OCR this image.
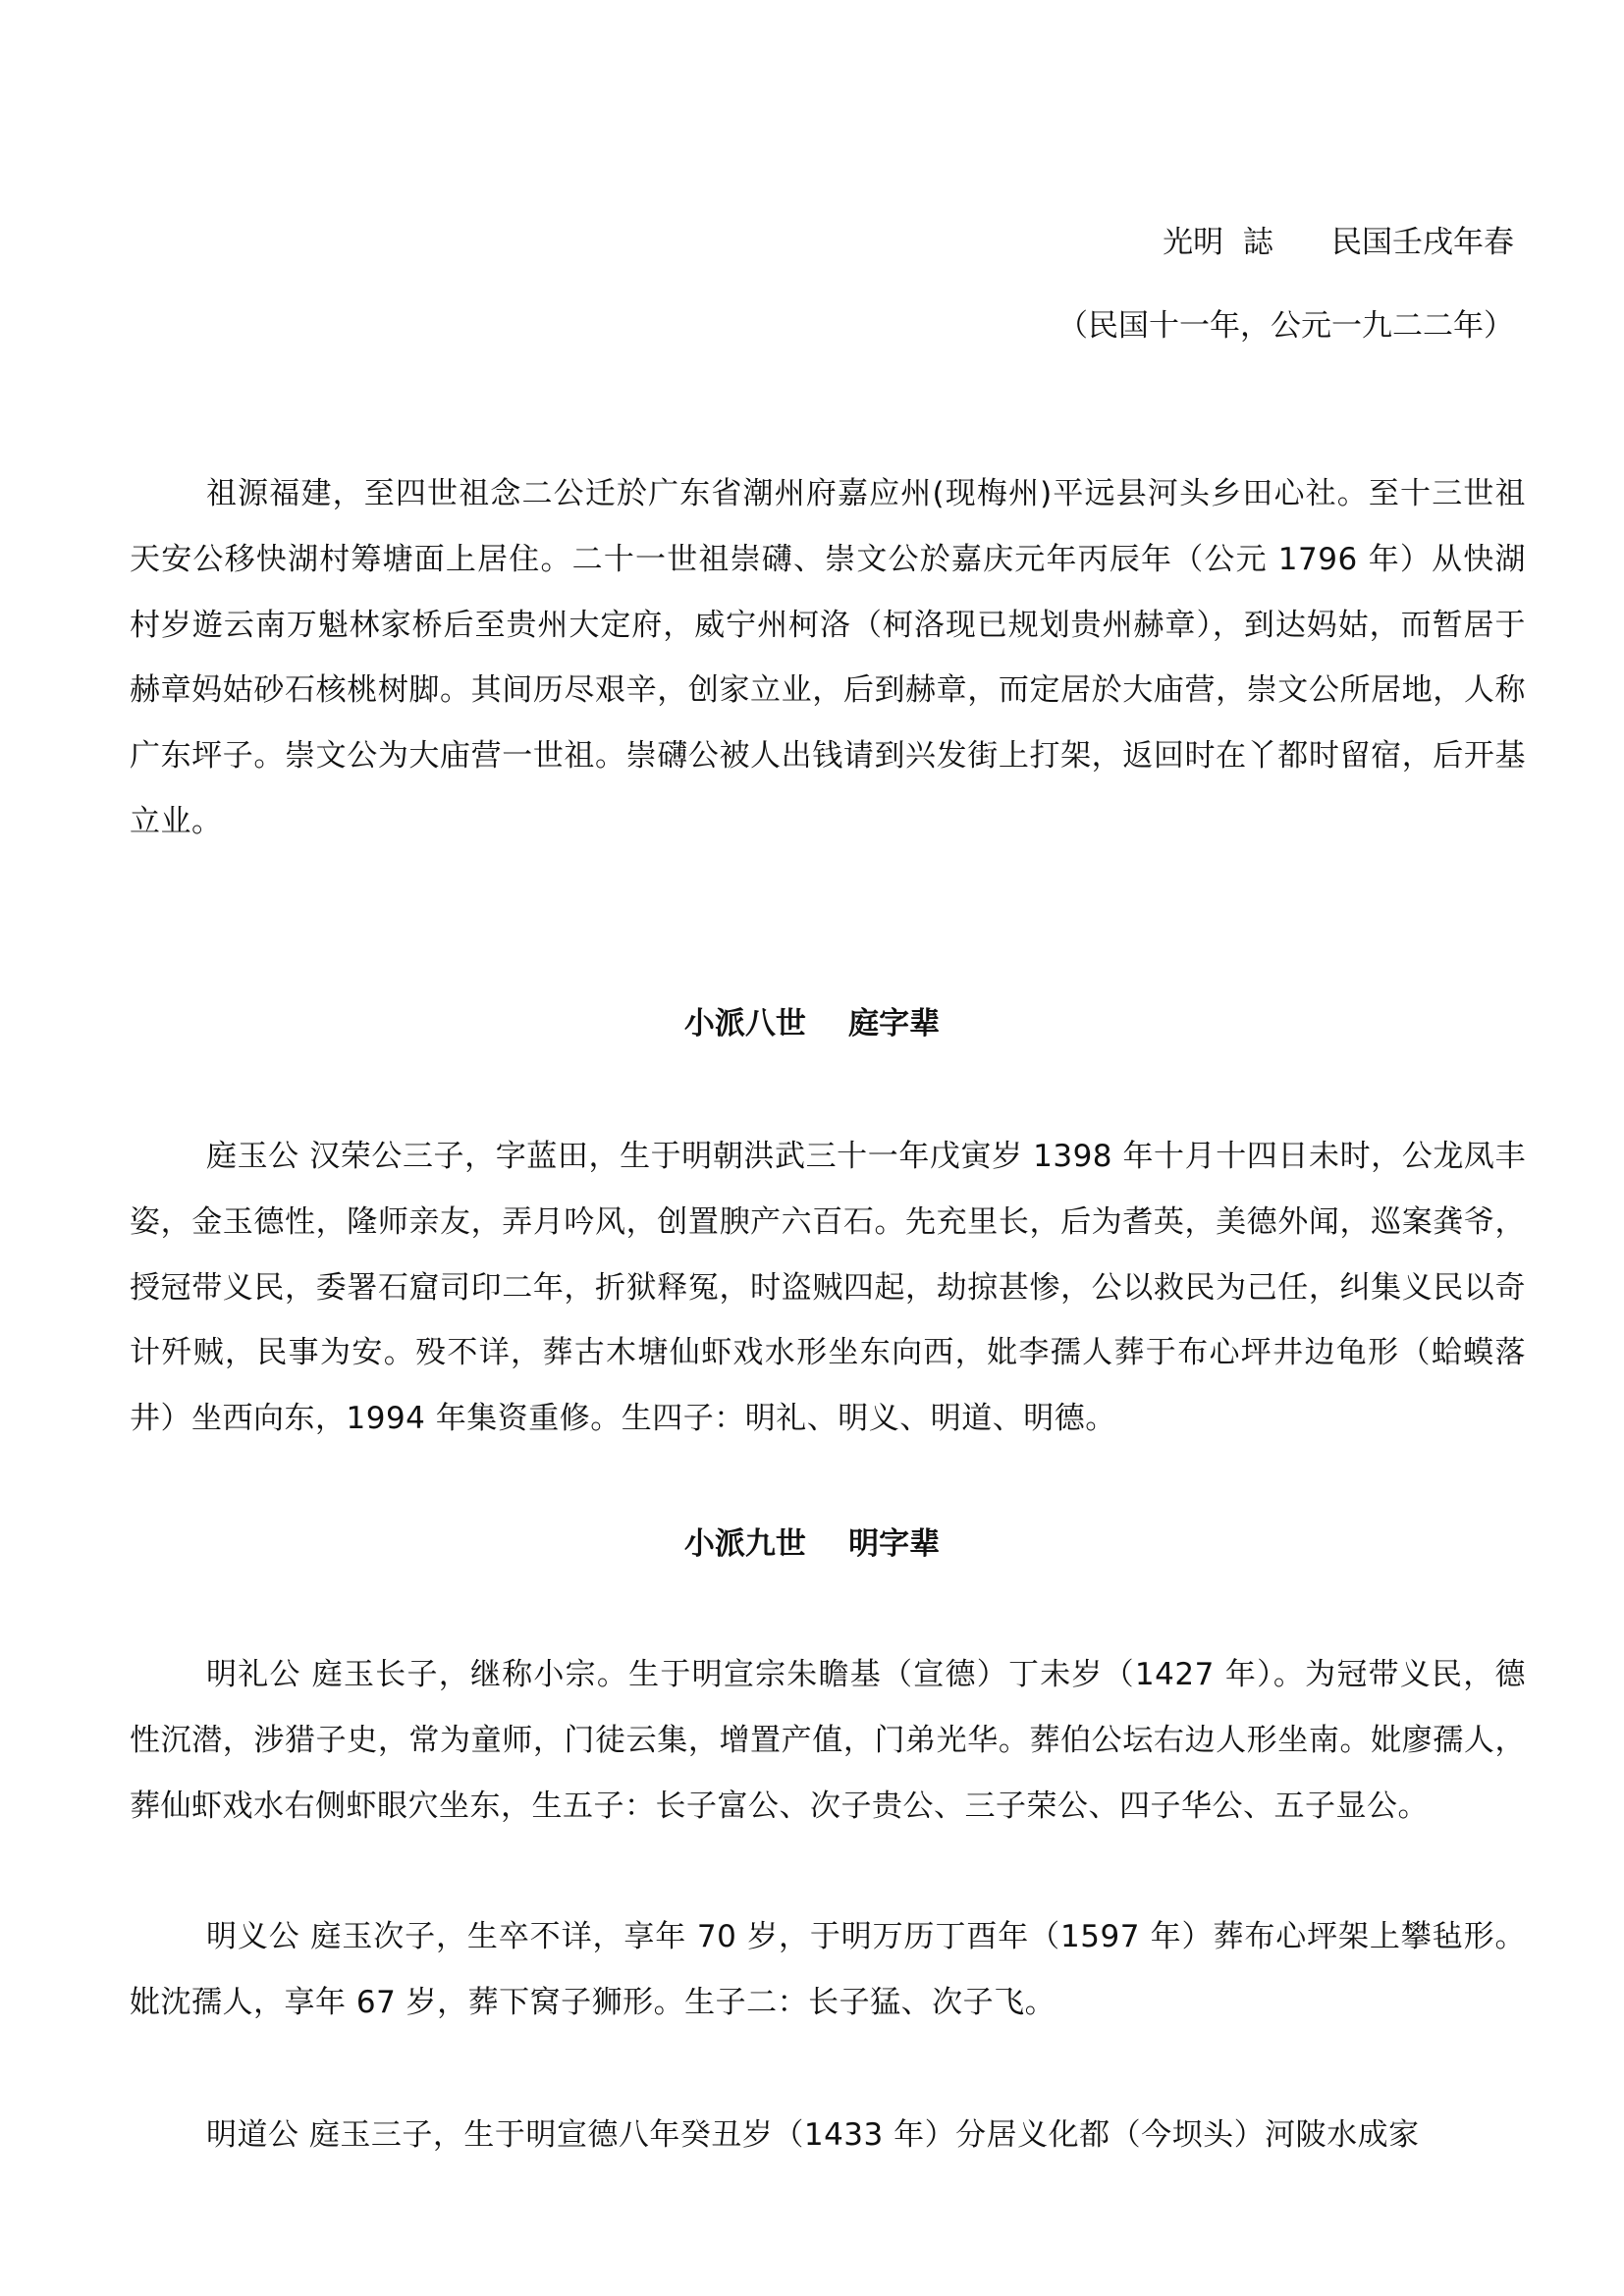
光明  誌      民国壬戌年春
（民国十一年，公元一九二二年）
祖源福建，至四世祖念二公迁於广东省潮州府嘉应州(现梅州)平远县河头乡田心社。至十三世祖天安公移快湖村筹塘面上居住。二十一世祖崇礴、崇文公於嘉庆元年丙辰年（公元 1796 年）从快湖村岁遊云南万魁林家桥后至贵州大定府，威宁州柯洛（柯洛现已规划贵州赫章），到达妈姑，而暂居于赫章妈姑砂石核桃树脚。其间历尽艰辛，创家立业，后到赫章，而定居於大庙营，崇文公所居地，人称广东坪子。崇文公为大庙营一世祖。崇礴公被人出钱请到兴发街上打架，返回时在丫都时留宿，后开基立业。
小派八世    庭字辈
庭玉公 汉荣公三子，字蓝田，生于明朝洪武三十一年戊寅岁 1398 年十月十四日未时，公龙凤丰姿，金玉德性，隆师亲友，弄月吟风，创置腴产六百石。先充里长，后为耆英，美德外闻，巡案龚爷，授冠带义民，委署石窟司印二年，折狱释冤，时盗贼四起，劫掠甚惨，公以救民为己任，纠集义民以奇计歼贼，民事为安。殁不详，葬古木塘仙虾戏水形坐东向西，妣李孺人葬于布心坪井边龟形（蛤蟆落井）坐西向东，1994 年集资重修。生四子：明礼、明义、明道、明德。
小派九世    明字辈
明礼公 庭玉长子，继称小宗。生于明宣宗朱瞻基（宣德）丁未岁（1427 年）。为冠带义民，德性沉潜，涉猎子史，常为童师，门徒云集，增置产值，门弟光华。葬伯公坛右边人形坐南。妣廖孺人，葬仙虾戏水右侧虾眼穴坐东，生五子：长子富公、次子贵公、三子荣公、四子华公、五子显公。
明义公 庭玉次子，生卒不详，享年 70 岁，于明万历丁酉年（1597 年）葬布心坪架上攀毡形。妣沈孺人，享年 67 岁，葬下窝子狮形。生子二：长子猛、次子飞。
明道公 庭玉三子，生于明宣德八年癸丑岁（1433 年）分居义化都（今坝头）河陂水成家
